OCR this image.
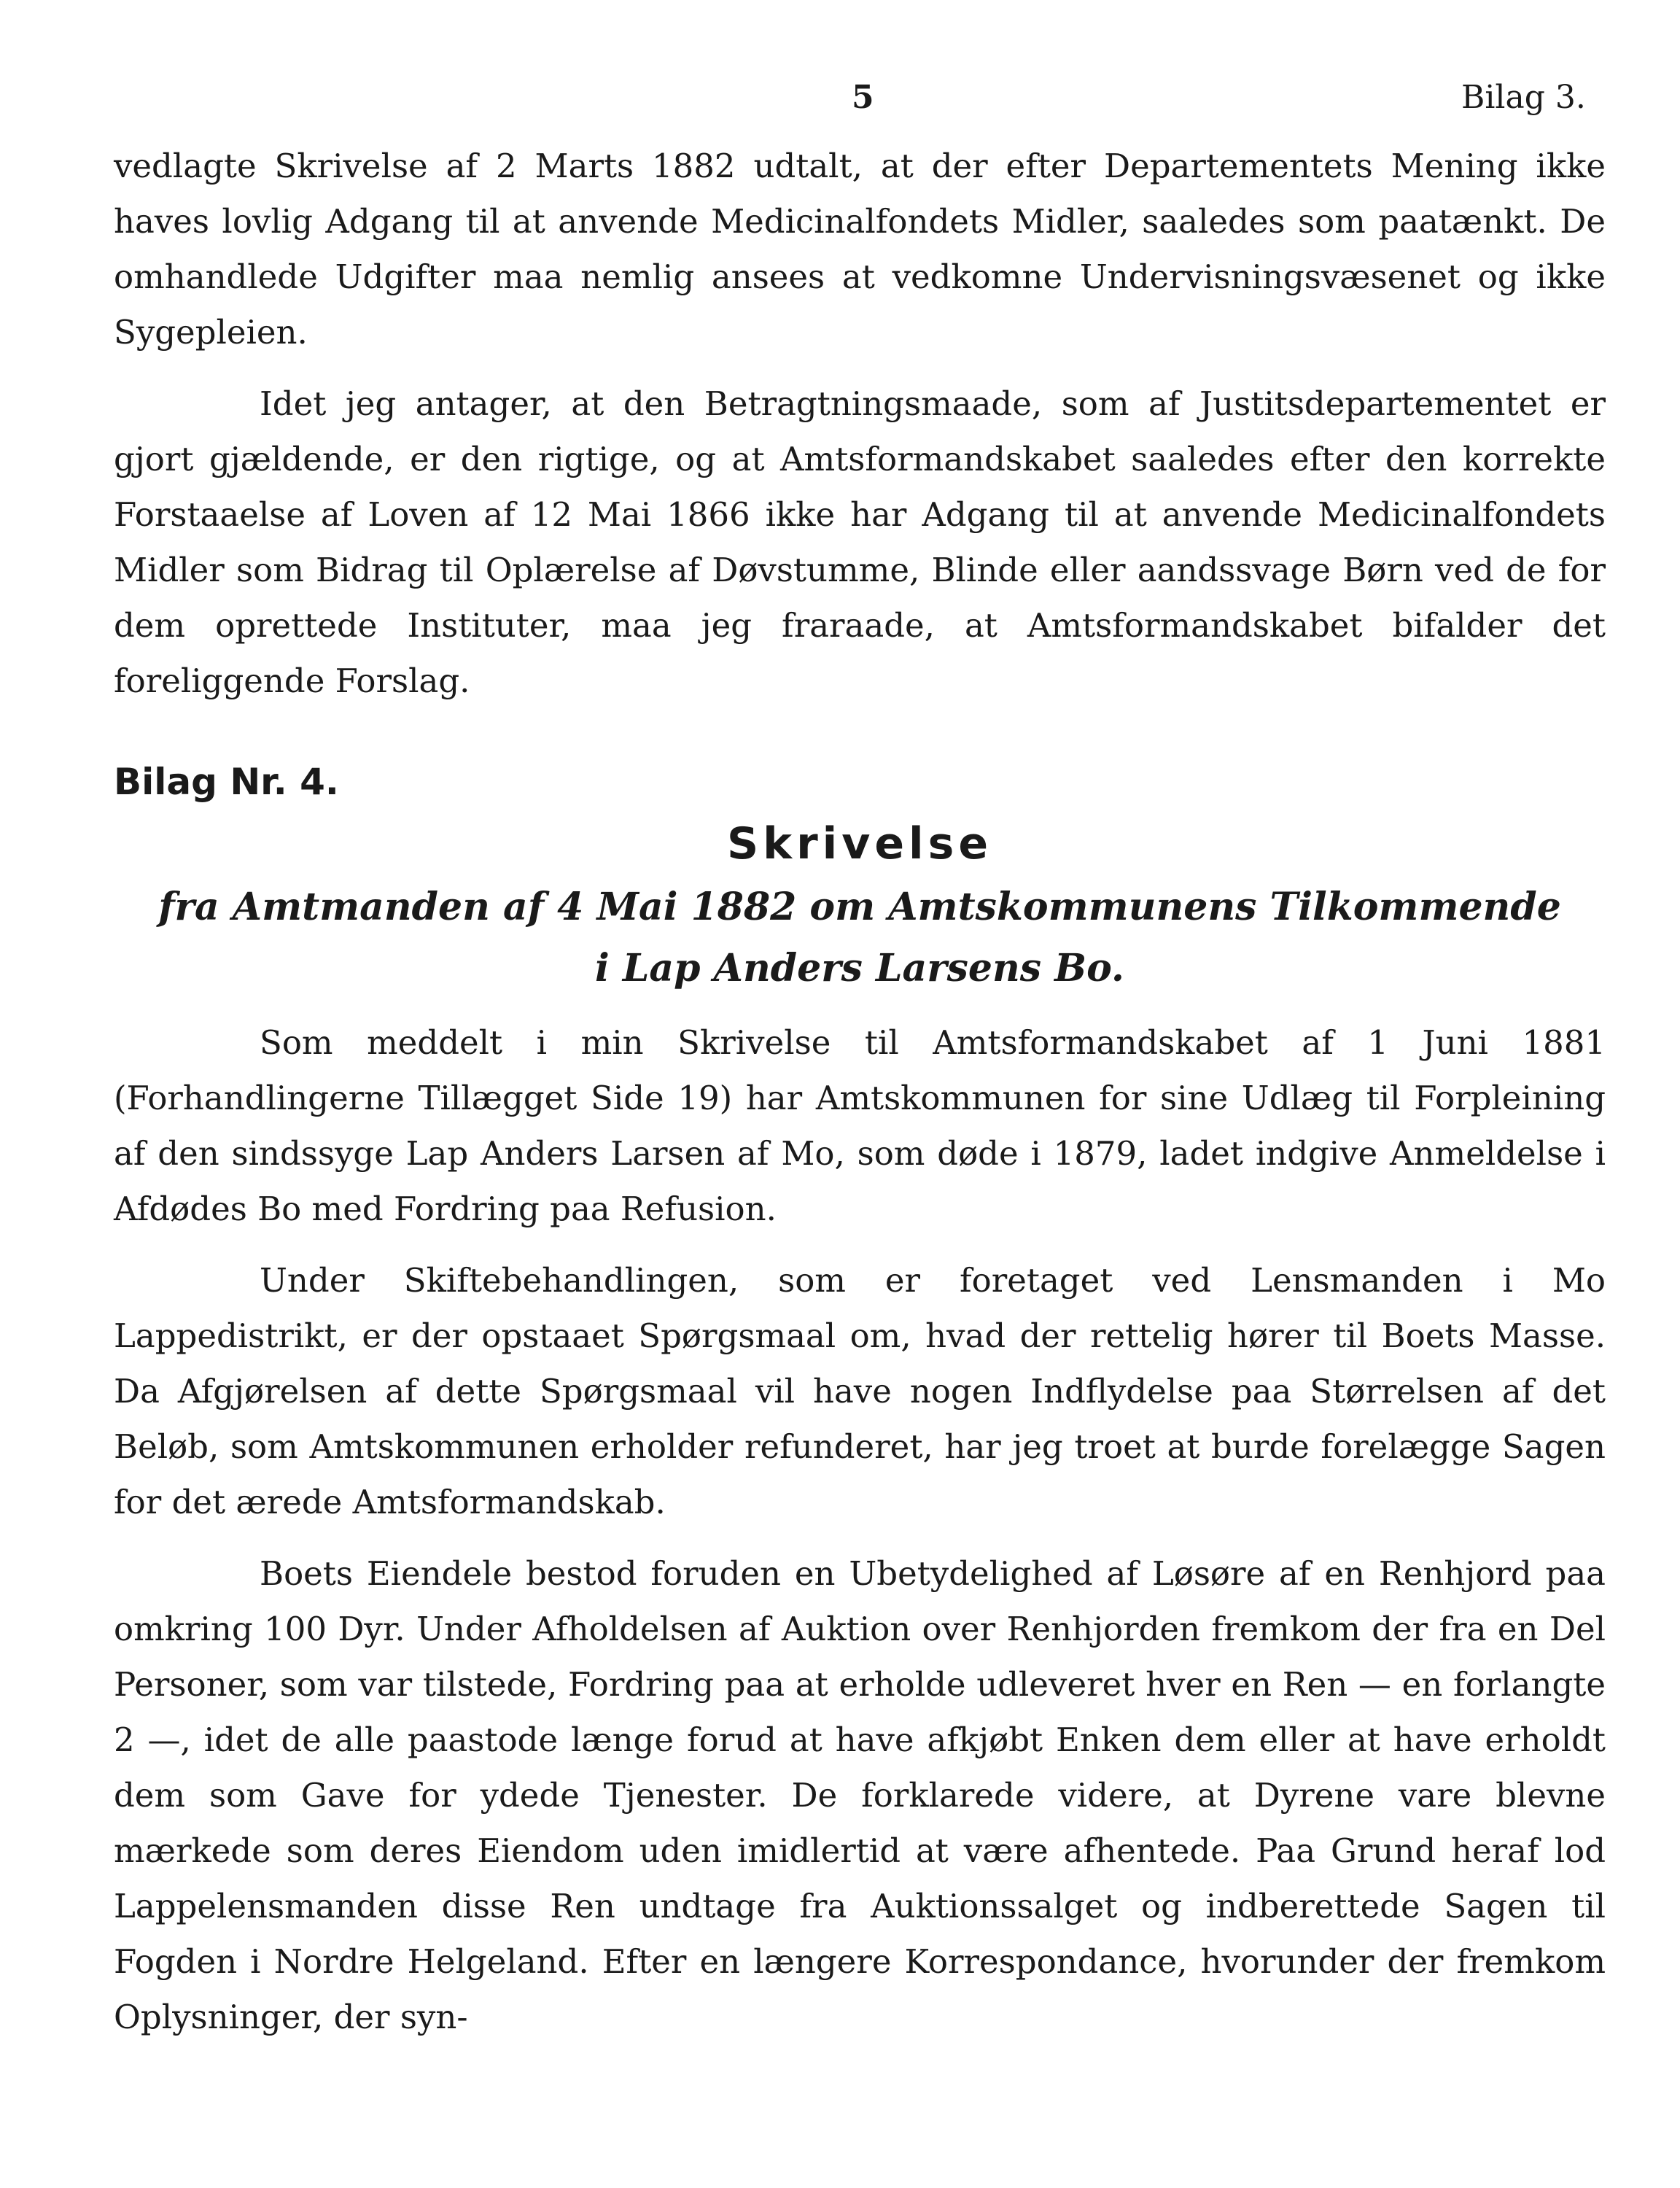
5	Bilag 3.

vedlagte Skrivelse af 2 Marts 1882 udtalt, at der efter Departementets Mening ikke haves lovlig Adgang til at anvende Medicinalfondets Midler, saaledes som paatænkt. De omhandlede Udgifter maa nemlig ansees at vedkomne Undervisningsvæsenet og ikke Sygepleien.

Idet jeg antager, at den Betragtningsmaade, som af Justitsdepartementet er gjort gjældende, er den rigtige, og at Amtsformandskabet saaledes efter den korrekte Forstaaelse af Loven af 12 Mai 1866 ikke har Adgang til at anvende Medicinalfondets Midler som Bidrag til Oplærelse af Døvstumme, Blinde eller aandssvage Børn ved de for dem oprettede Instituter, maa jeg fraraade, at Amtsformandskabet bifalder det foreliggende Forslag.

Bilag Nr. 4.

Skrivelse

fra Amtmanden af 4 Mai 1882 om Amtskommunens Tilkommende

i Lap Anders Larsens Bo.

Som meddelt i min Skrivelse til Amtsformandskabet af 1 Juni 1881 (Forhandlingerne Tillægget Side 19) har Amtskommunen for sine Udlæg til Forpleining af den sindssyge Lap Anders Larsen af Mo, som døde i 1879, ladet indgive Anmeldelse i Afdødes Bo med Fordring paa Refusion.

Under Skiftebehandlingen, som er foretaget ved Lensmanden i Mo Lappedistrikt, er der opstaaet Spørgsmaal om, hvad der rettelig hører til Boets Masse. Da Afgjørelsen af dette Spørgsmaal vil have nogen Indflydelse paa Størrelsen af det Beløb, som Amtskommunen erholder refunderet, har jeg troet at burde forelægge Sagen for det ærede Amtsformandskab.

Boets Eiendele bestod foruden en Ubetydelighed af Løsøre af en Renhjord paa omkring 100 Dyr. Under Afholdelsen af Auktion over Renhjorden fremkom der fra en Del Personer, som var tilstede, Fordring paa at erholde udleveret hver en Ren — en forlangte 2 —, idet de alle paastode længe forud at have afkjøbt Enken dem eller at have erholdt dem som Gave for ydede Tjenester. De forklarede videre, at Dyrene vare blevne mærkede som deres Eiendom uden imidlertid at være afhentede. Paa Grund heraf lod Lappelensmanden disse Ren undtage fra Auktionssalget og indberettede Sagen til Fogden i Nordre Helgeland. Efter en længere Korrespondance, hvorunder der fremkom Oplysninger, der syn-
